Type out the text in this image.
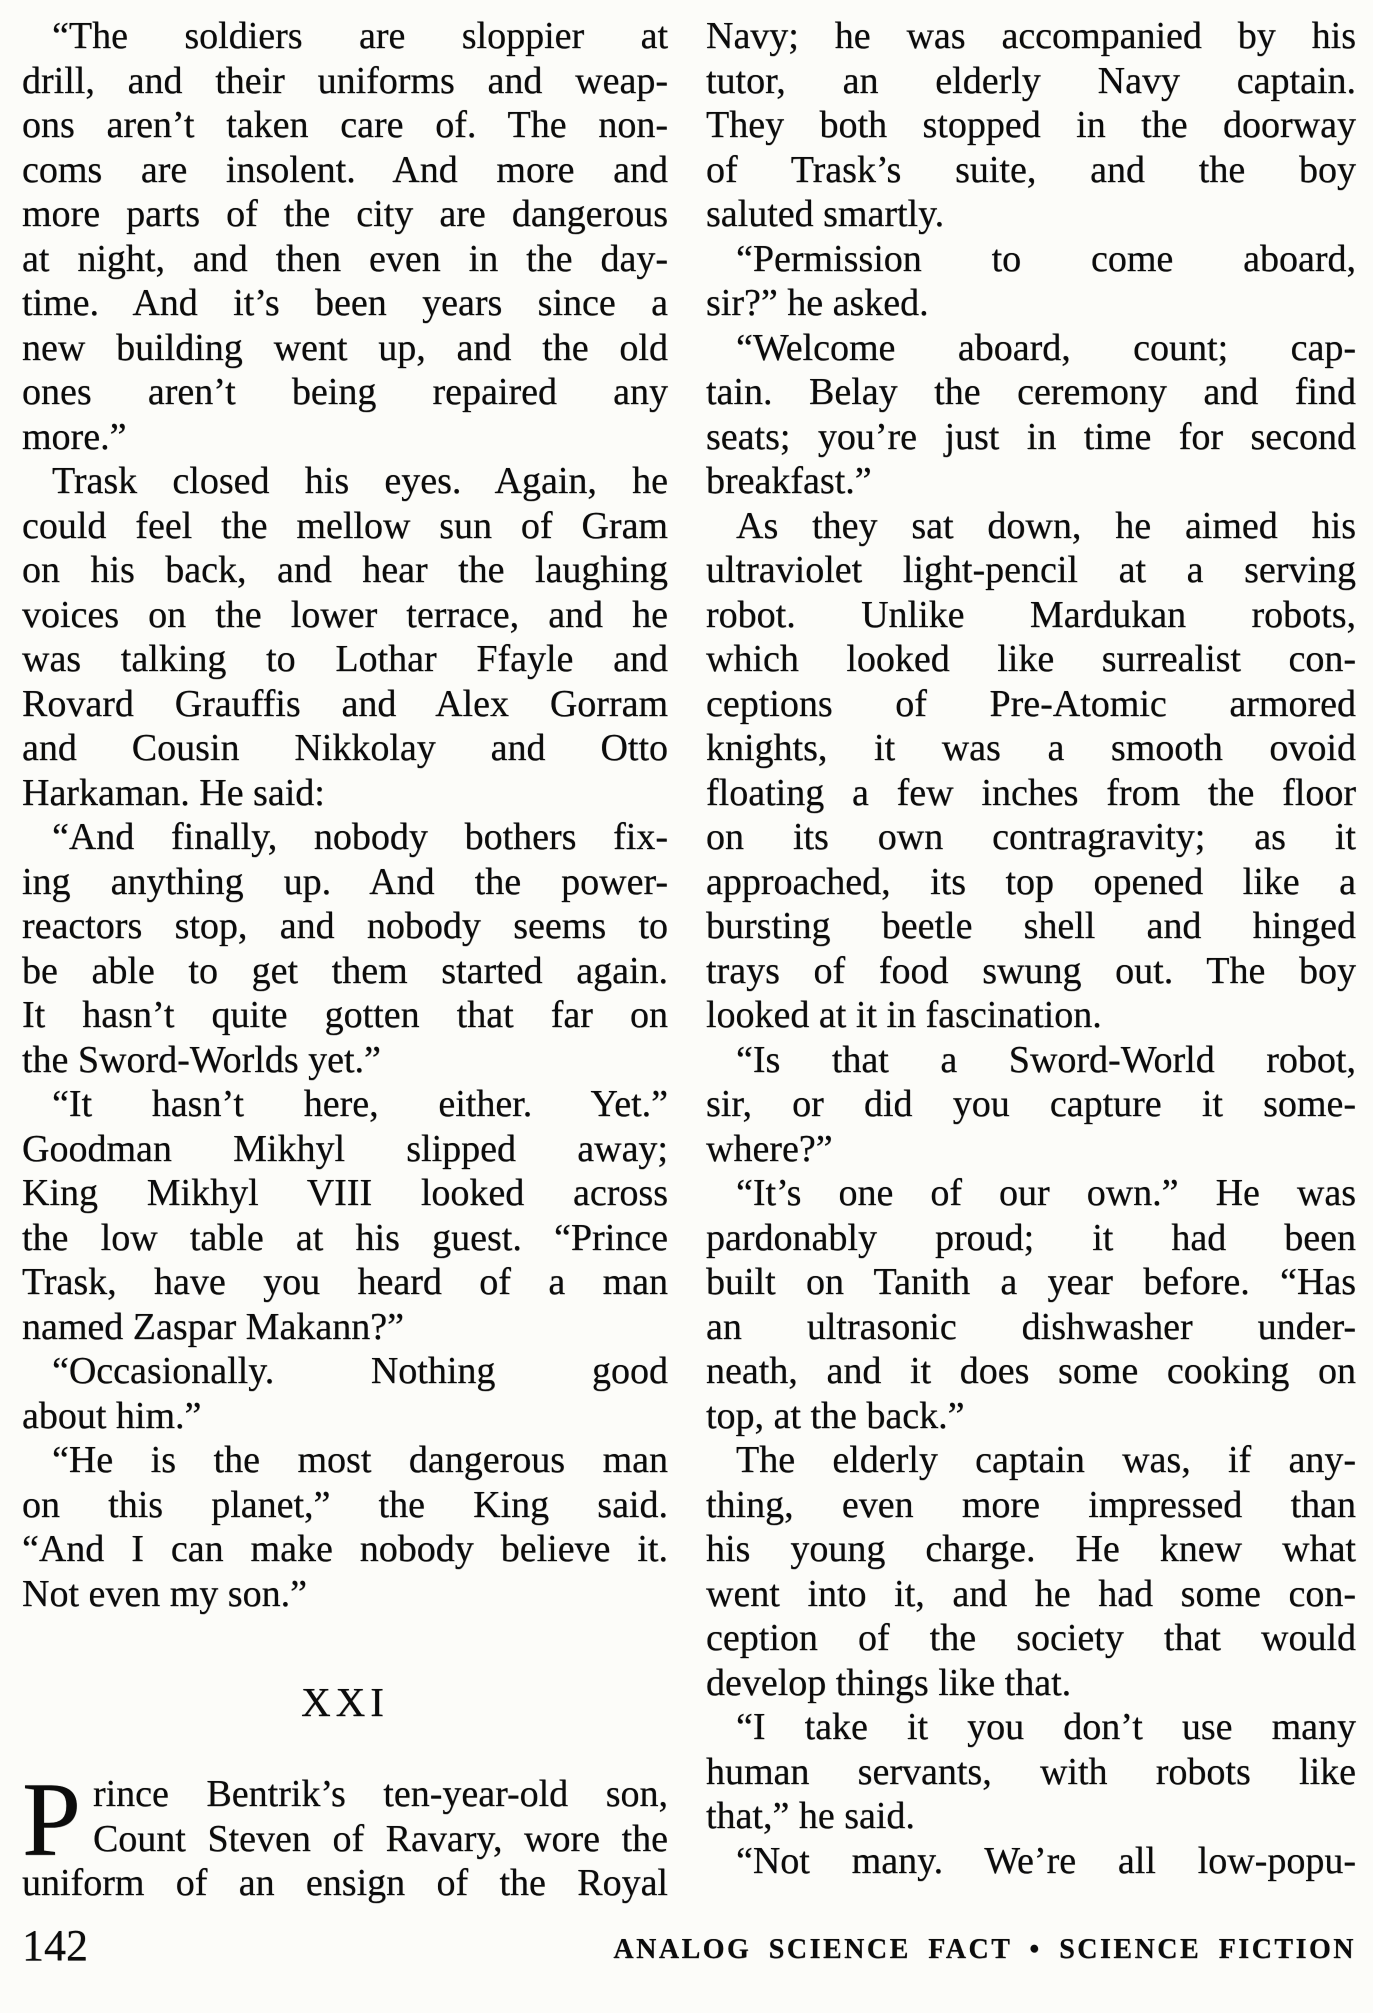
“The soldiers are sloppier at
drill, and their uniforms and weap-
ons aren’t taken care of. The non-
coms are insolent. And more and
more parts of the city are dangerous
at night, and then even in the day-
time. And it’s been years since a
new building went up, and the old
ones aren’t being repaired any
more.”
Trask closed his eyes. Again, he
could feel the mellow sun of Gram
on his back, and hear the laughing
voices on the lower terrace, and he
was talking to Lothar Ffayle and
Rovard Grauffis and Alex Gorram
and Cousin Nikkolay and Otto
Harkaman. He said:
“And finally, nobody bothers fix-
ing anything up. And the power-
reactors stop, and nobody seems to
be able to get them started again.
It hasn’t quite gotten that far on
the Sword-Worlds yet.”
“It hasn’t here, either. Yet.”
Goodman Mikhyl slipped away;
King Mikhyl VIII looked across
the low table at his guest. “Prince
Trask, have you heard of a man
named Zaspar Makann?”
“Occasionally. Nothing good
about him.”
“He is the most dangerous man
on this planet,” the King said.
“And I can make nobody believe it.
Not even my son.”
XXI
P rince Bentrik’s ten-year-old son,
Count Steven of Ravary, wore the
uniform of an ensign of the Royal
Navy; he was accompanied by his
tutor, an elderly Navy captain.
They both stopped in the doorway
of Trask’s suite, and the boy
saluted smartly.
“Permission to come aboard,
sir?” he asked.
“Welcome aboard, count; cap-
tain. Belay the ceremony and find
seats; you’re just in time for second
breakfast.”
As they sat down, he aimed his
ultraviolet light-pencil at a serving
robot. Unlike Mardukan robots,
which looked like surrealist con-
ceptions of Pre-Atomic armored
knights, it was a smooth ovoid
floating a few inches from the floor
on its own contragravity; as it
approached, its top opened like a
bursting beetle shell and hinged
trays of food swung out. The boy
looked at it in fascination.
“Is that a Sword-World robot,
sir, or did you capture it some-
where?”
“It’s one of our own.” He was
pardonably proud; it had been
built on Tanith a year before. “Has
an ultrasonic dishwasher under-
neath, and it does some cooking on
top, at the back.”
The elderly captain was, if any-
thing, even more impressed than
his young charge. He knew what
went into it, and he had some con-
ception of the society that would
develop things like that.
“I take it you don’t use many
human servants, with robots like
that,” he said.
“Not many. We’re all low-popu-
142	ANALOG SCIENCE FACT • SCIENCE FICTION
